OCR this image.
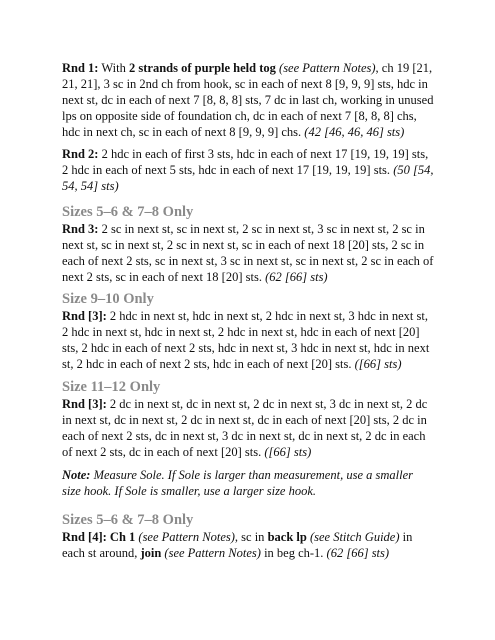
Rnd 1: With 2 strands of purple held tog (see Pattern Notes), ch 19 [21, 21, 21], 3 sc in 2nd ch from hook, sc in each of next 8 [9, 9, 9] sts, hdc in next st, dc in each of next 7 [8, 8, 8] sts, 7 dc in last ch, working in unused lps on opposite side of foundation ch, dc in each of next 7 [8, 8, 8] chs, hdc in next ch, sc in each of next 8 [9, 9, 9] chs. (42 [46, 46, 46] sts)

Rnd 2: 2 hdc in each of first 3 sts, hdc in each of next 17 [19, 19, 19] sts, 2 hdc in each of next 5 sts, hdc in each of next 17 [19, 19, 19] sts. (50 [54, 54, 54] sts)

Sizes 5–6 & 7–8 Only

Rnd 3: 2 sc in next st, sc in next st, 2 sc in next st, 3 sc in next st, 2 sc in next st, sc in next st, 2 sc in next st, sc in each of next 18 [20] sts, 2 sc in each of next 2 sts, sc in next st, 3 sc in next st, sc in next st, 2 sc in each of next 2 sts, sc in each of next 18 [20] sts. (62 [66] sts)

Size 9–10 Only

Rnd [3]: 2 hdc in next st, hdc in next st, 2 hdc in next st, 3 hdc in next st, 2 hdc in next st, hdc in next st, 2 hdc in next st, hdc in each of next [20] sts, 2 hdc in each of next 2 sts, hdc in next st, 3 hdc in next st, hdc in next st, 2 hdc in each of next 2 sts, hdc in each of next [20] sts. ([66] sts)

Size 11–12 Only

Rnd [3]: 2 dc in next st, dc in next st, 2 dc in next st, 3 dc in next st, 2 dc in next st, dc in next st, 2 dc in next st, dc in each of next [20] sts, 2 dc in each of next 2 sts, dc in next st, 3 dc in next st, dc in next st, 2 dc in each of next 2 sts, dc in each of next [20] sts. ([66] sts)

Note: Measure Sole. If Sole is larger than measurement, use a smaller size hook. If Sole is smaller, use a larger size hook.

Sizes 5–6 & 7–8 Only

Rnd [4]: Ch 1 (see Pattern Notes), sc in back lp (see Stitch Guide) in each st around, join (see Pattern Notes) in beg ch-1. (62 [66] sts)
